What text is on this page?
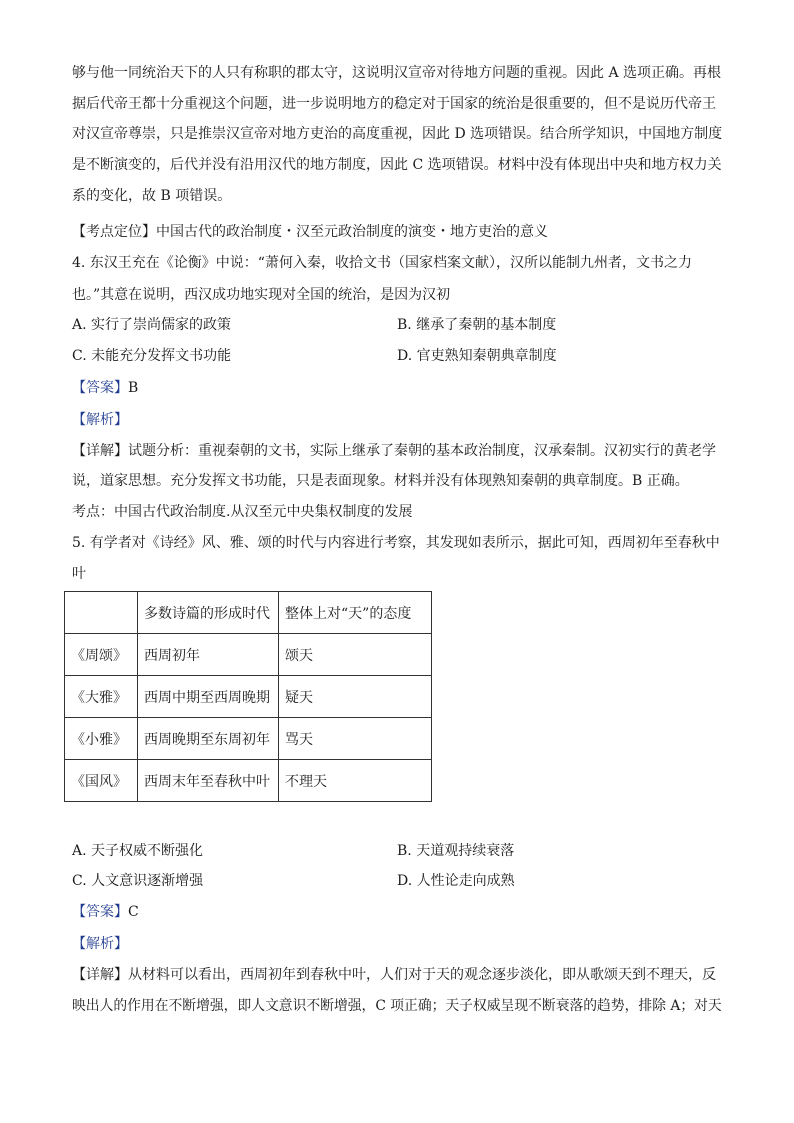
够与他一同统治天下的人只有称职的郡太守，这说明汉宣帝对待地方问题的重视。因此 A 选项正确。再根
据后代帝王都十分重视这个问题，进一步说明地方的稳定对于国家的统治是很重要的，但不是说历代帝王
对汉宣帝尊崇，只是推崇汉宣帝对地方吏治的高度重视，因此 D 选项错误。结合所学知识，中国地方制度
是不断演变的，后代并没有沿用汉代的地方制度，因此 C 选项错误。材料中没有体现出中央和地方权力关
系的变化，故 B 项错误。
【考点定位】中国古代的政治制度・汉至元政治制度的演变・地方吏治的意义
4. 东汉王充在《论衡》中说：“萧何入秦，收拾文书（国家档案文献），汉所以能制九州者，文书之力
也。”其意在说明，西汉成功地实现对全国的统治，是因为汉初
A. 实行了崇尚儒家的政策	B. 继承了秦朝的基本制度
C. 未能充分发挥文书功能	D. 官吏熟知秦朝典章制度
【答案】B
【解析】
【详解】试题分析：重视秦朝的文书，实际上继承了秦朝的基本政治制度，汉承秦制。汉初实行的黄老学
说，道家思想。充分发挥文书功能，只是表面现象。材料并没有体现熟知秦朝的典章制度。B 正确。
考点：中国古代政治制度.从汉至元中央集权制度的发展
5. 有学者对《诗经》风、雅、颂的时代与内容进行考察，其发现如表所示，据此可知，西周初年至春秋中
叶
	多数诗篇的形成时代	整体上对“天”的态度
《周颂》	西周初年	颂天
《大雅》	西周中期至西周晚期	疑天
《小雅》	西周晚期至东周初年	骂天
《国风》	西周末年至春秋中叶	不理天
A. 天子权威不断强化	B. 天道观持续衰落
C. 人文意识逐渐增强	D. 人性论走向成熟
【答案】C
【解析】
【详解】从材料可以看出，西周初年到春秋中叶，人们对于天的观念逐步淡化，即从歌颂天到不理天，反
映出人的作用在不断增强，即人文意识不断增强，C 项正确；天子权威呈现不断衰落的趋势，排除 A；对天
